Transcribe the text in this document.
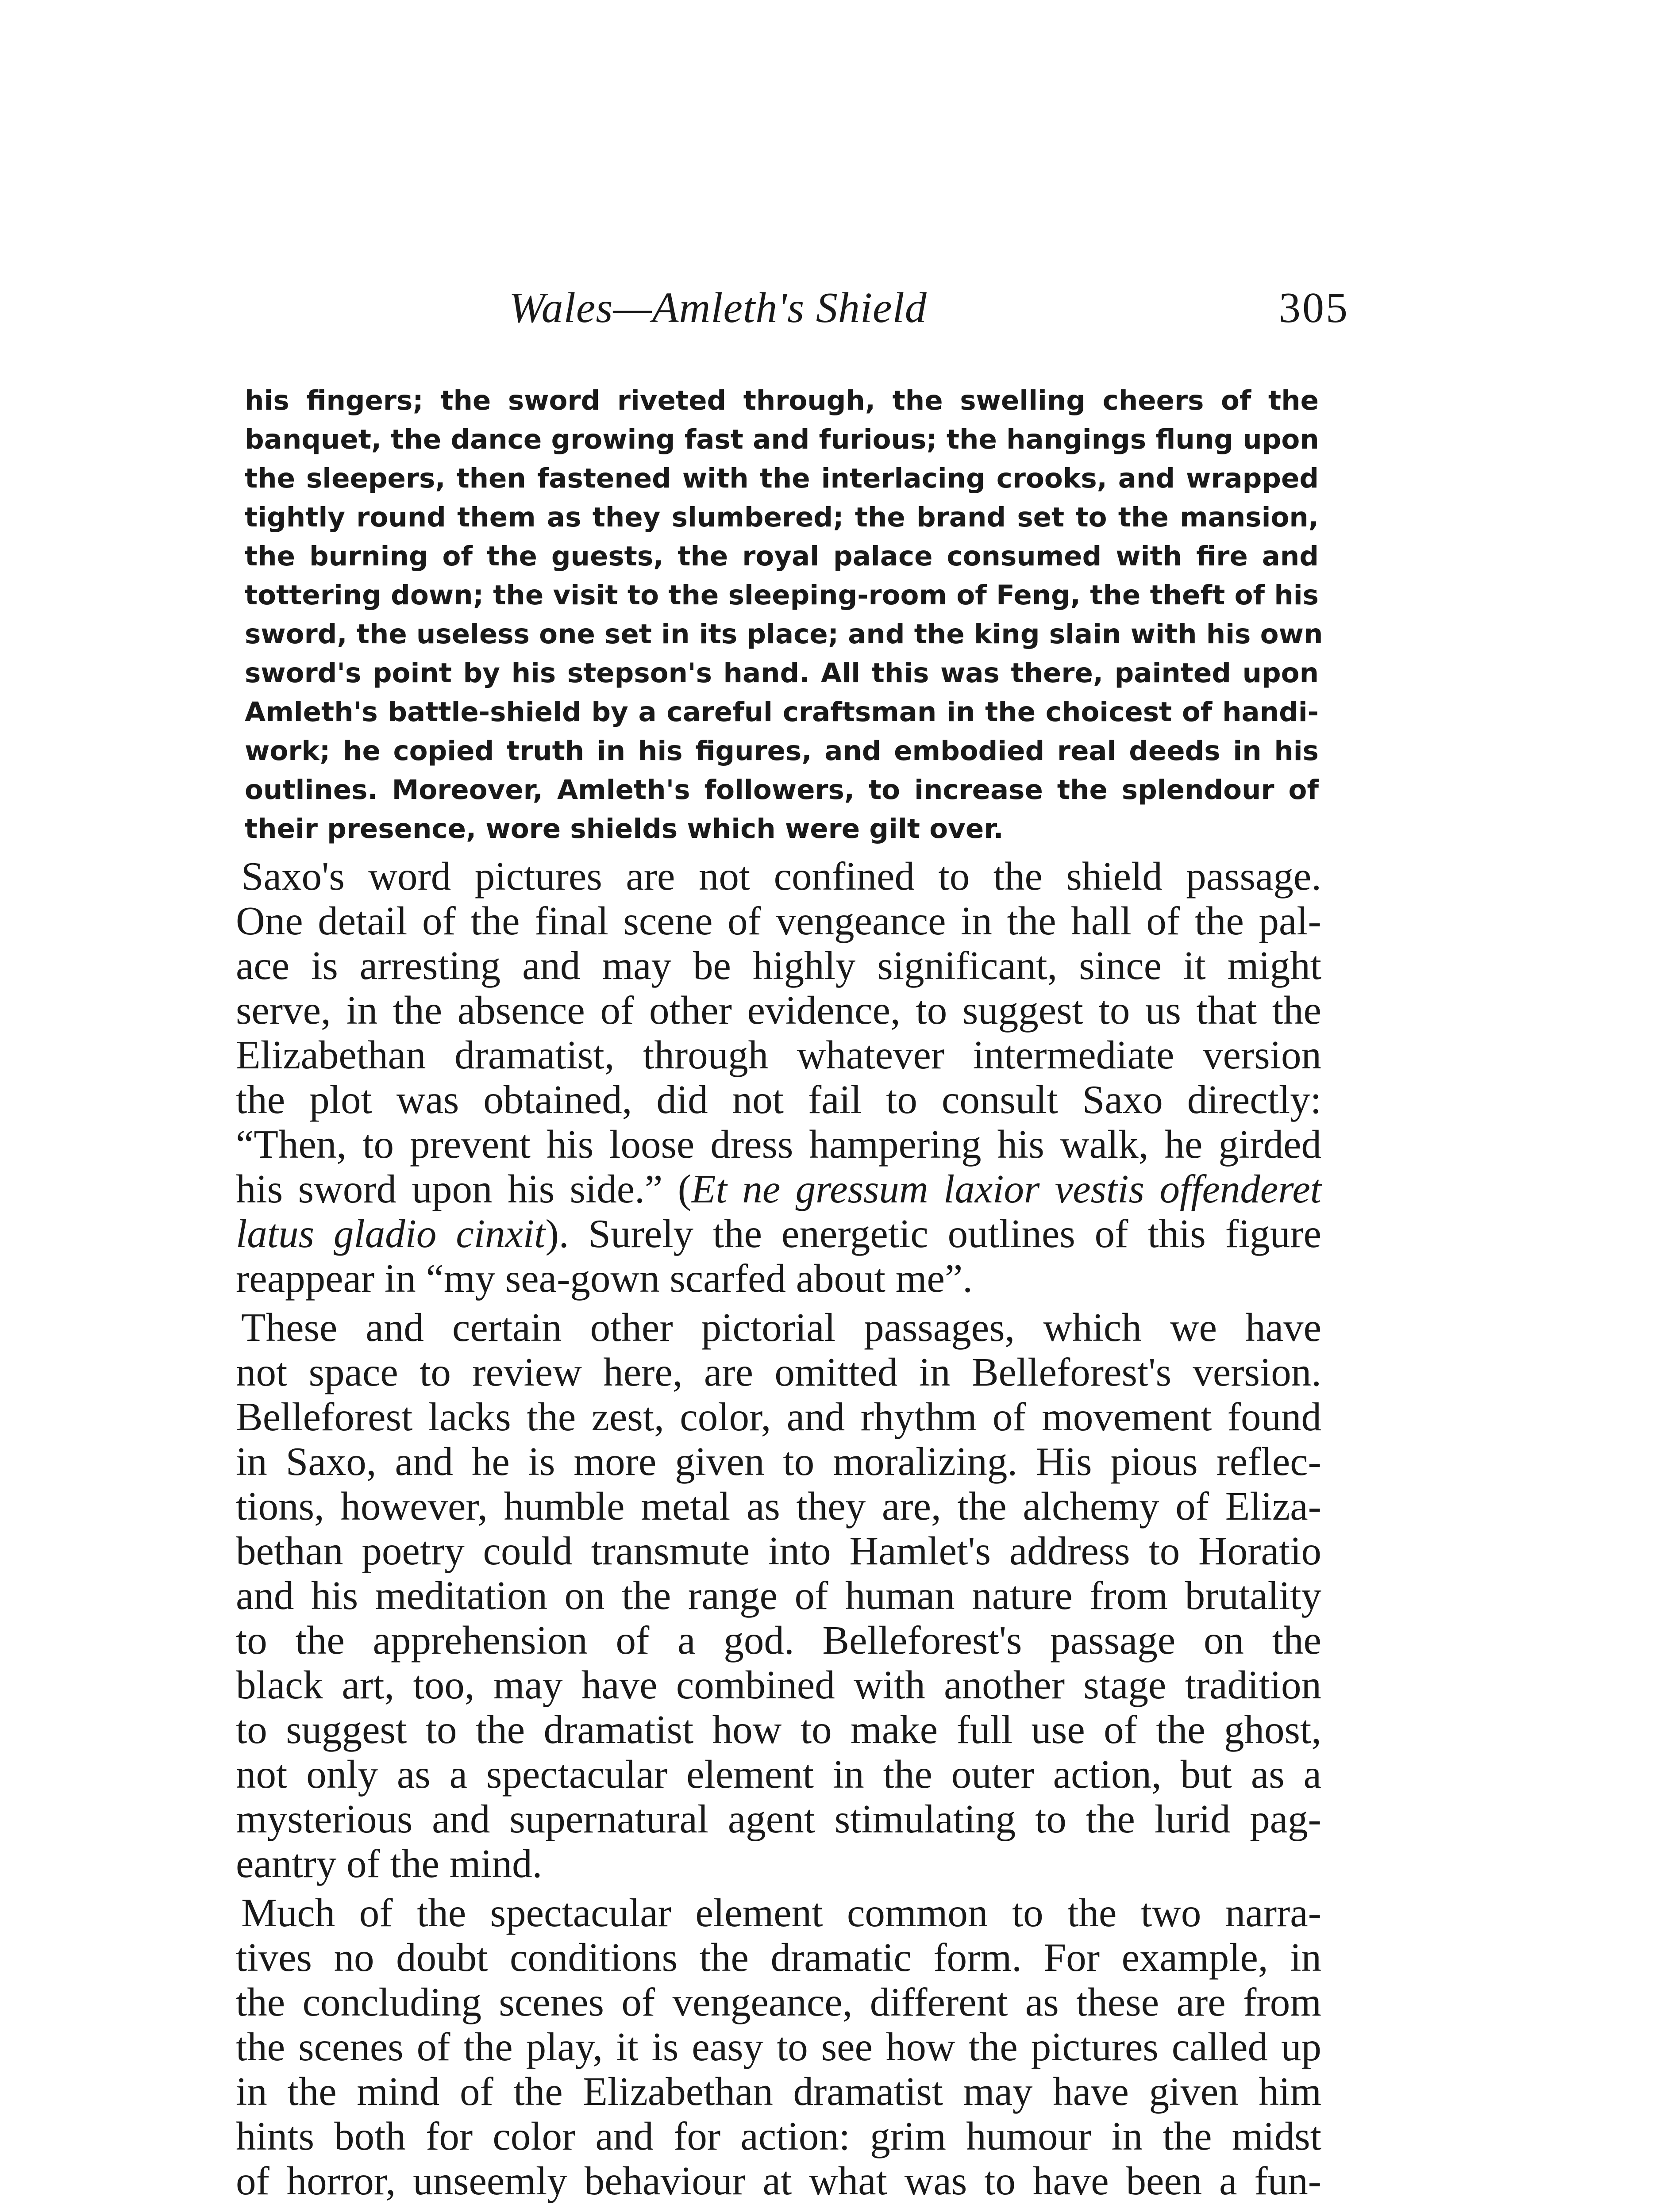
Wales—Amleth's Shield	305
his fingers; the sword riveted through, the swelling cheers of the
banquet, the dance growing fast and furious; the hangings flung upon
the sleepers, then fastened with the interlacing crooks, and wrapped
tightly round them as they slumbered; the brand set to the mansion,
the burning of the guests, the royal palace consumed with fire and
tottering down; the visit to the sleeping-room of Feng, the theft of his
sword, the useless one set in its place; and the king slain with his own
sword's point by his stepson's hand. All this was there, painted upon
Amleth's battle-shield by a careful craftsman in the choicest of handi-
work; he copied truth in his figures, and embodied real deeds in his
outlines. Moreover, Amleth's followers, to increase the splendour of
their presence, wore shields which were gilt over.
Saxo's word pictures are not confined to the shield passage.
One detail of the final scene of vengeance in the hall of the pal-
ace is arresting and may be highly significant, since it might
serve, in the absence of other evidence, to suggest to us that the
Elizabethan dramatist, through whatever intermediate version
the plot was obtained, did not fail to consult Saxo directly:
“Then, to prevent his loose dress hampering his walk, he girded
his sword upon his side.” (Et ne gressum laxior vestis offenderet
latus gladio cinxit). Surely the energetic outlines of this figure
reappear in “my sea-gown scarfed about me”.
These and certain other pictorial passages, which we have
not space to review here, are omitted in Belleforest's version.
Belleforest lacks the zest, color, and rhythm of movement found
in Saxo, and he is more given to moralizing. His pious reflec-
tions, however, humble metal as they are, the alchemy of Eliza-
bethan poetry could transmute into Hamlet's address to Horatio
and his meditation on the range of human nature from brutality
to the apprehension of a god. Belleforest's passage on the
black art, too, may have combined with another stage tradition
to suggest to the dramatist how to make full use of the ghost,
not only as a spectacular element in the outer action, but as a
mysterious and supernatural agent stimulating to the lurid pag-
eantry of the mind.
Much of the spectacular element common to the two narra-
tives no doubt conditions the dramatic form. For example, in
the concluding scenes of vengeance, different as these are from
the scenes of the play, it is easy to see how the pictures called up
in the mind of the Elizabethan dramatist may have given him
hints both for color and for action: grim humour in the midst
of horror, unseemly behaviour at what was to have been a fun-
